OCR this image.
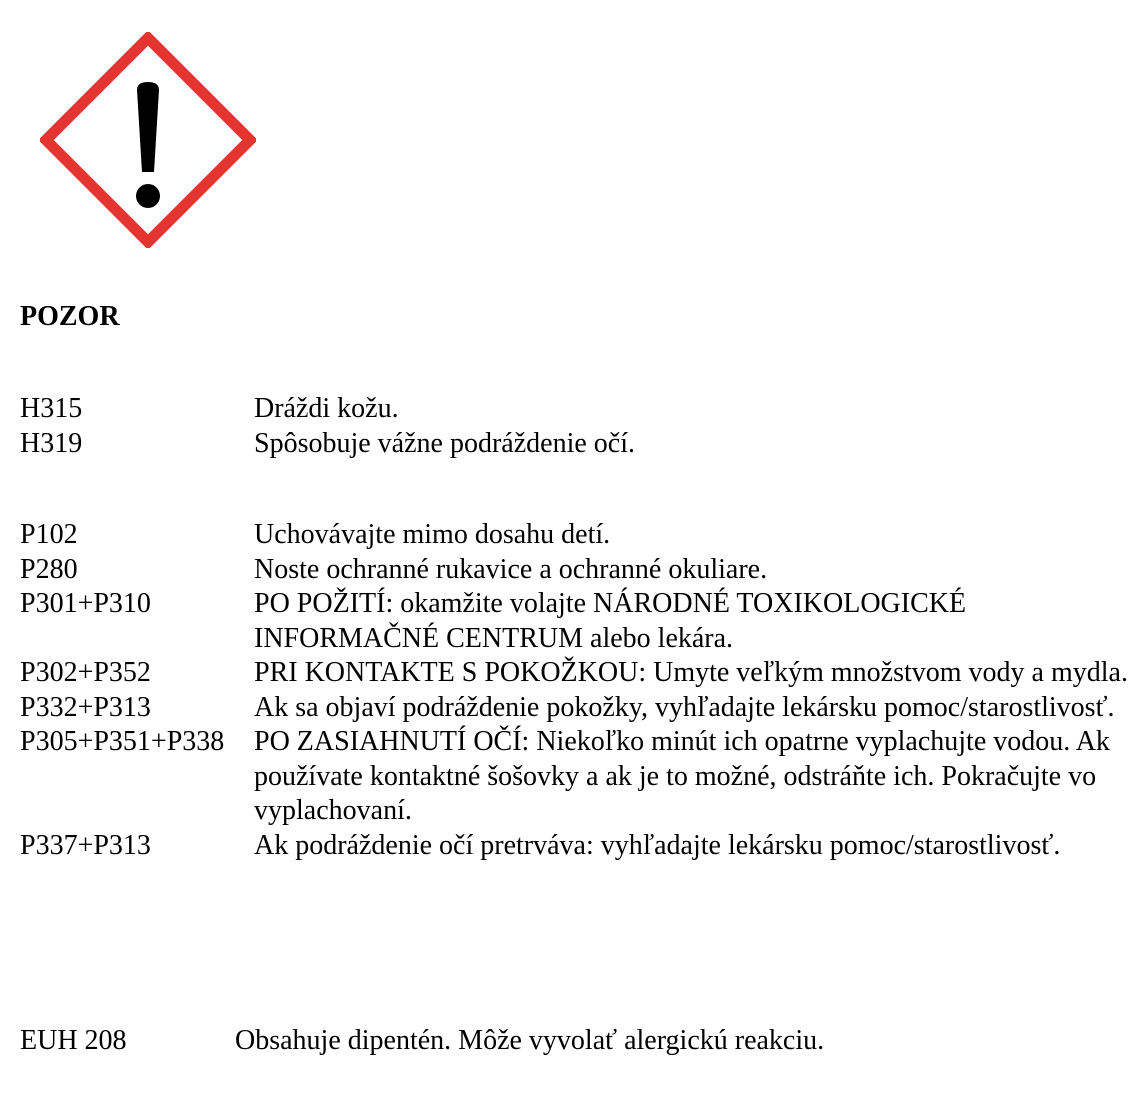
POZOR
H315	Dráždi kožu.
H319	Spôsobuje vážne podráždenie očí.
P102	Uchovávajte mimo dosahu detí.
P280	Noste ochranné rukavice a ochranné okuliare.
P301+P310	PO POŽITÍ: okamžite volajte NÁRODNÉ TOXIKOLOGICKÉ INFORMAČNÉ CENTRUM alebo lekára.
P302+P352	PRI KONTAKTE S POKOŽKOU: Umyte veľkým množstvom vody a mydla.
P332+P313	Ak sa objaví podráždenie pokožky, vyhľadajte lekársku pomoc/starostlivosť.
P305+P351+P338	PO ZASIAHNUTÍ OČÍ: Niekoľko minút ich opatrne vyplachujte vodou. Ak používate kontaktné šošovky a ak je to možné, odstráňte ich. Pokračujte vo vyplachovaní.
P337+P313	Ak podráždenie očí pretrváva: vyhľadajte lekársku pomoc/starostlivosť.
EUH 208	Obsahuje dipentén. Môže vyvolať alergickú reakciu.
